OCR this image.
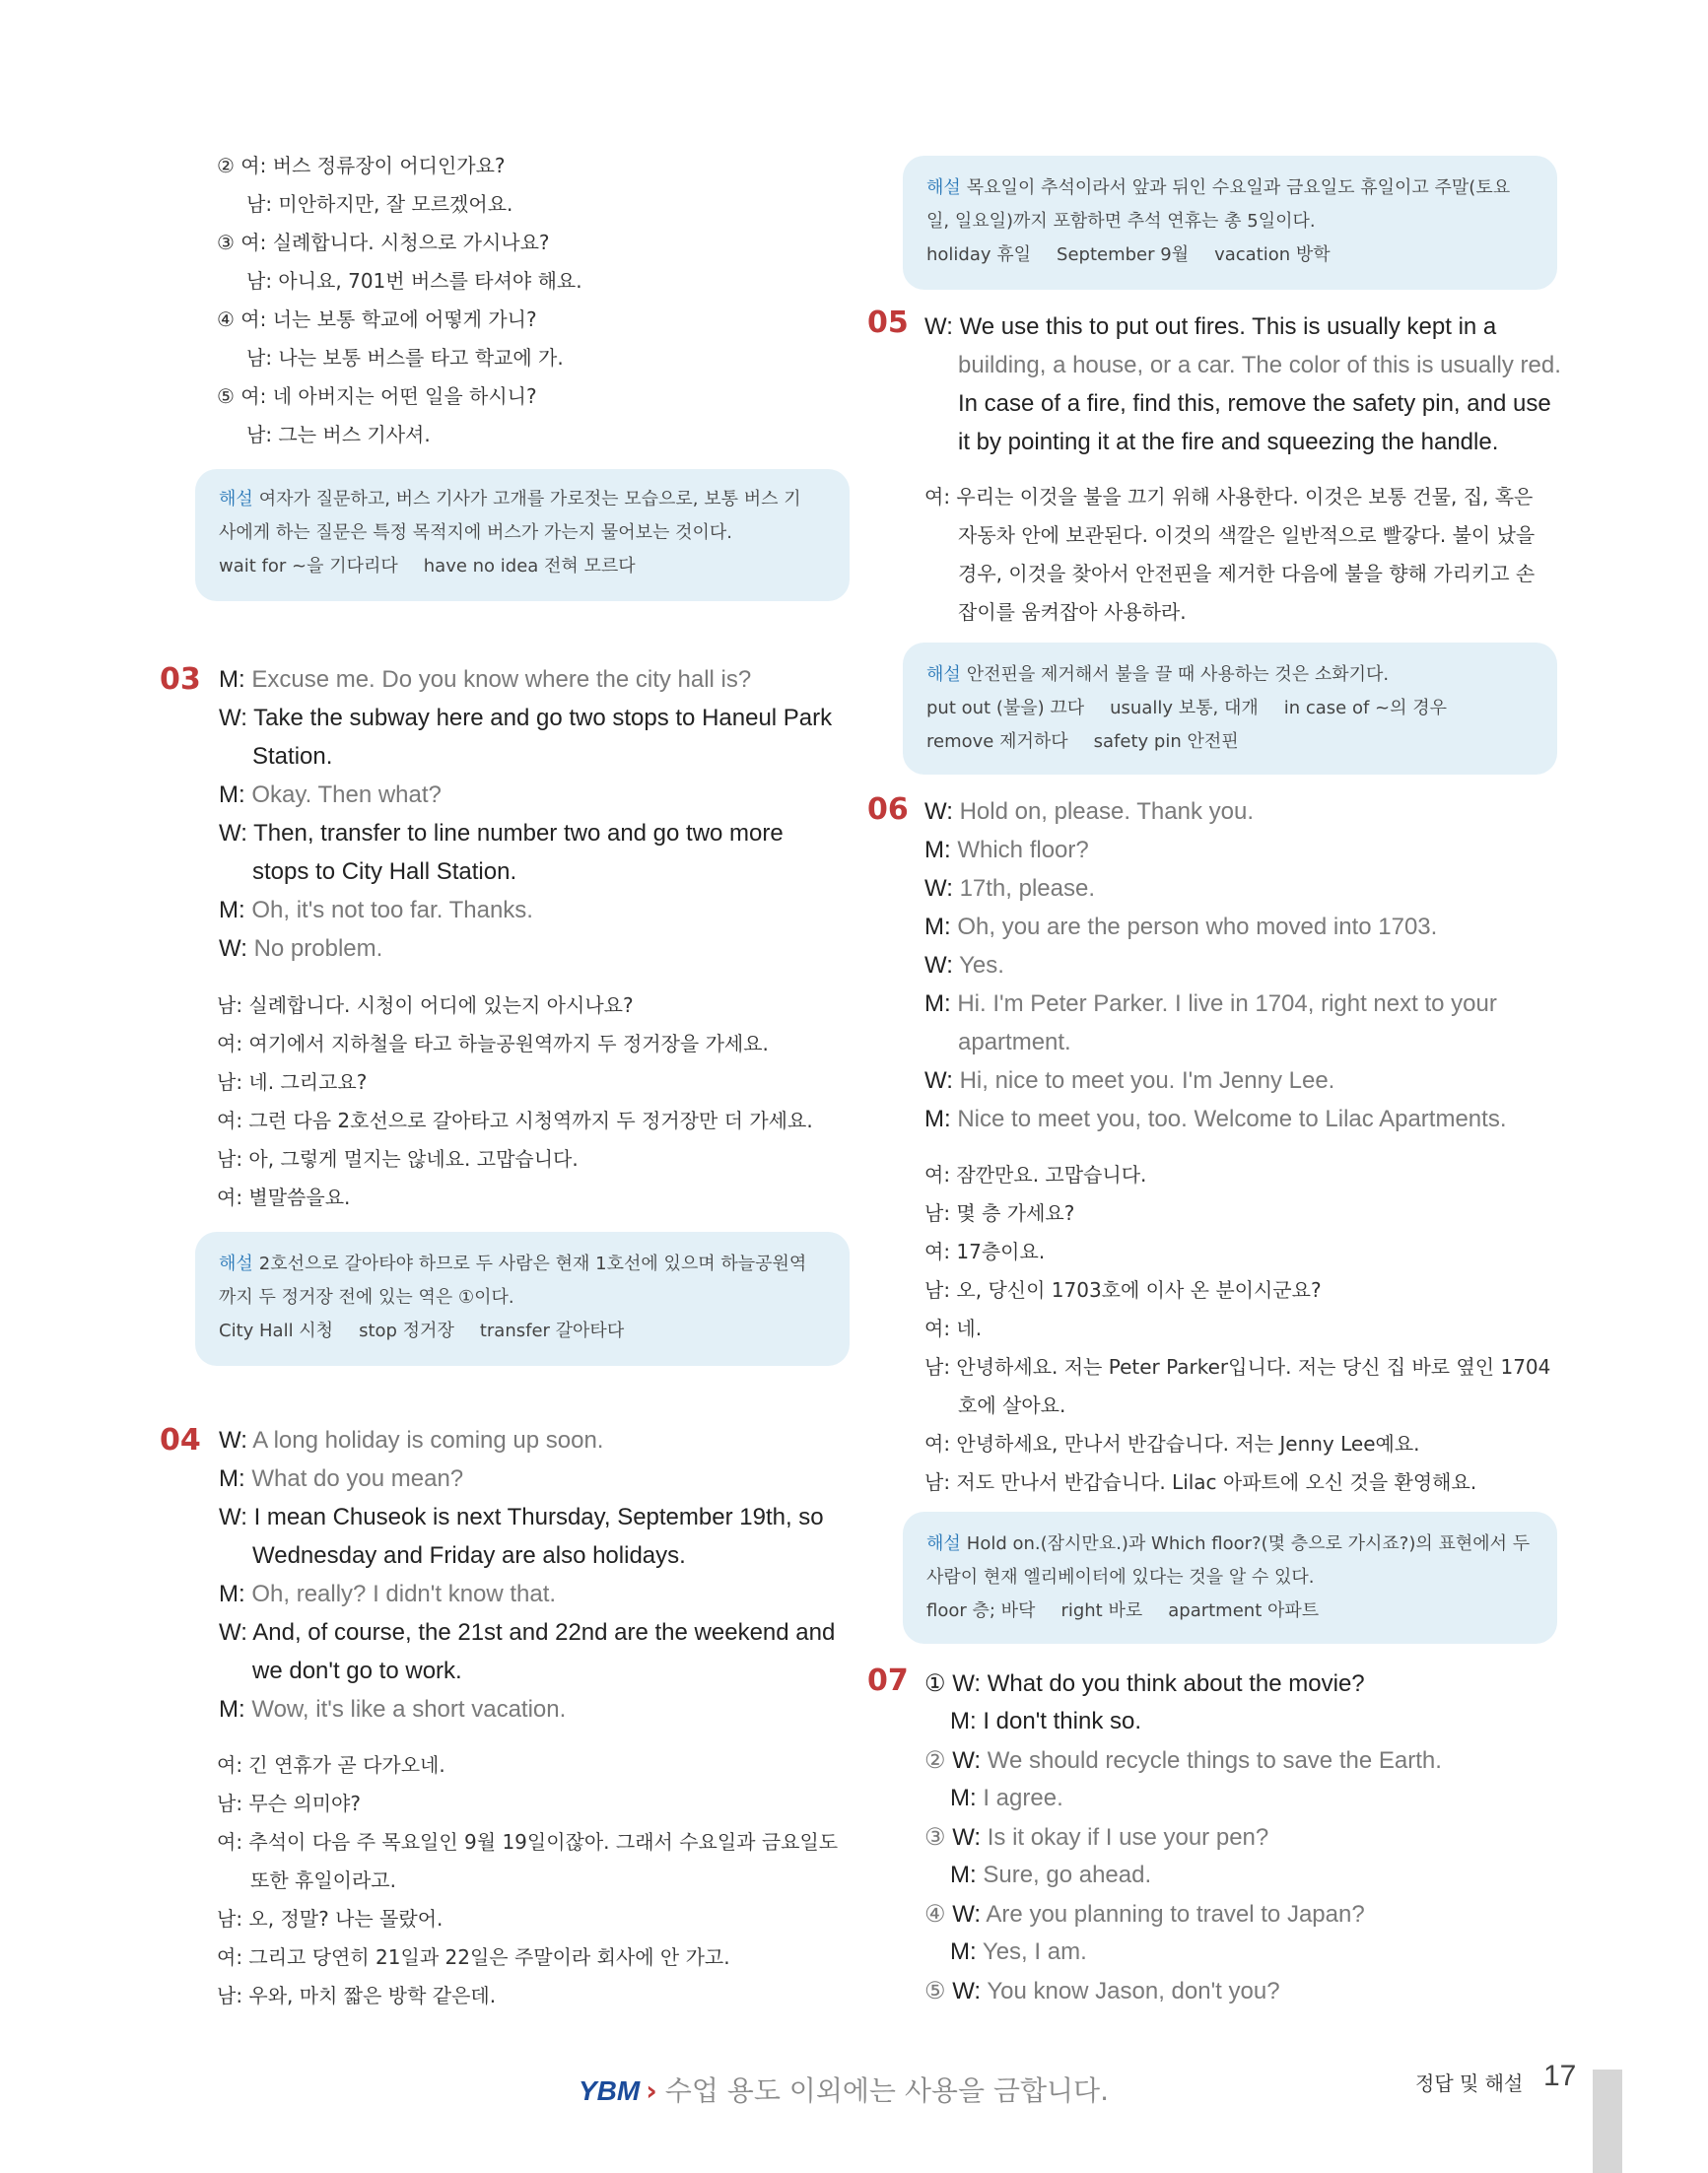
② 여: 버스 정류장이 어디인가요?
남: 미안하지만, 잘 모르겠어요.
③ 여: 실례합니다. 시청으로 가시나요?
남: 아니요, 701번 버스를 타셔야 해요.
④ 여: 너는 보통 학교에 어떻게 가니?
남: 나는 보통 버스를 타고 학교에 가.
⑤ 여: 네 아버지는 어떤 일을 하시니?
남: 그는 버스 기사셔.
해설 여자가 질문하고, 버스 기사가 고개를 가로젓는 모습으로, 보통 버스 기
사에게 하는 질문은 특정 목적지에 버스가 가는지 물어보는 것이다.
wait for ~을 기다리다 have no idea 전혀 모르다
03 M: Excuse me. Do you know where the city hall is?
W: Take the subway here and go two stops to Haneul Park
Station.
M: Okay. Then what?
W: Then, transfer to line number two and go two more
stops to City Hall Station.
M: Oh, it's not too far. Thanks.
W: No problem.
남: 실례합니다. 시청이 어디에 있는지 아시나요?
여: 여기에서 지하철을 타고 하늘공원역까지 두 정거장을 가세요.
남: 네. 그리고요?
여: 그런 다음 2호선으로 갈아타고 시청역까지 두 정거장만 더 가세요.
남: 아, 그렇게 멀지는 않네요. 고맙습니다.
여: 별말씀을요.
해설 2호선으로 갈아타야 하므로 두 사람은 현재 1호선에 있으며 하늘공원역
까지 두 정거장 전에 있는 역은 ①이다.
City Hall 시청 stop 정거장 transfer 갈아타다
04 W: A long holiday is coming up soon.
M: What do you mean?
W: I mean Chuseok is next Thursday, September 19th, so
Wednesday and Friday are also holidays.
M: Oh, really? I didn't know that.
W: And, of course, the 21st and 22nd are the weekend and
we don't go to work.
M: Wow, it's like a short vacation.
여: 긴 연휴가 곧 다가오네.
남: 무슨 의미야?
여: 추석이 다음 주 목요일인 9월 19일이잖아. 그래서 수요일과 금요일도
또한 휴일이라고.
남: 오, 정말? 나는 몰랐어.
여: 그리고 당연히 21일과 22일은 주말이라 회사에 안 가고.
남: 우와, 마치 짧은 방학 같은데.
해설 목요일이 추석이라서 앞과 뒤인 수요일과 금요일도 휴일이고 주말(토요
일, 일요일)까지 포함하면 추석 연휴는 총 5일이다.
holiday 휴일 September 9월 vacation 방학
05 W: We use this to put out fires. This is usually kept in a
building, a house, or a car. The color of this is usually red.
In case of a fire, find this, remove the safety pin, and use
it by pointing it at the fire and squeezing the handle.
여: 우리는 이것을 불을 끄기 위해 사용한다. 이것은 보통 건물, 집, 혹은
자동차 안에 보관된다. 이것의 색깔은 일반적으로 빨갛다. 불이 났을
경우, 이것을 찾아서 안전핀을 제거한 다음에 불을 향해 가리키고 손
잡이를 움켜잡아 사용하라.
해설 안전핀을 제거해서 불을 끌 때 사용하는 것은 소화기다.
put out (불을) 끄다 usually 보통, 대개 in case of ~의 경우
remove 제거하다 safety pin 안전핀
06 W: Hold on, please. Thank you.
M: Which floor?
W: 17th, please.
M: Oh, you are the person who moved into 1703.
W: Yes.
M: Hi. I'm Peter Parker. I live in 1704, right next to your
apartment.
W: Hi, nice to meet you. I'm Jenny Lee.
M: Nice to meet you, too. Welcome to Lilac Apartments.
여: 잠깐만요. 고맙습니다.
남: 몇 층 가세요?
여: 17층이요.
남: 오, 당신이 1703호에 이사 온 분이시군요?
여: 네.
남: 안녕하세요. 저는 Peter Parker입니다. 저는 당신 집 바로 옆인 1704
호에 살아요.
여: 안녕하세요, 만나서 반갑습니다. 저는 Jenny Lee예요.
남: 저도 만나서 반갑습니다. Lilac 아파트에 오신 것을 환영해요.
해설 Hold on.(잠시만요.)과 Which floor?(몇 층으로 가시죠?)의 표현에서 두
사람이 현재 엘리베이터에 있다는 것을 알 수 있다.
floor 층; 바닥 right 바로 apartment 아파트
07 ① W: What do you think about the movie?
M: I don't think so.
② W: We should recycle things to save the Earth.
M: I agree.
③ W: Is it okay if I use your pen?
M: Sure, go ahead.
④ W: Are you planning to travel to Japan?
M: Yes, I am.
⑤ W: You know Jason, don't you?
YBM › 수업 용도 이외에는 사용을 금합니다.	정답 및 해설 17
